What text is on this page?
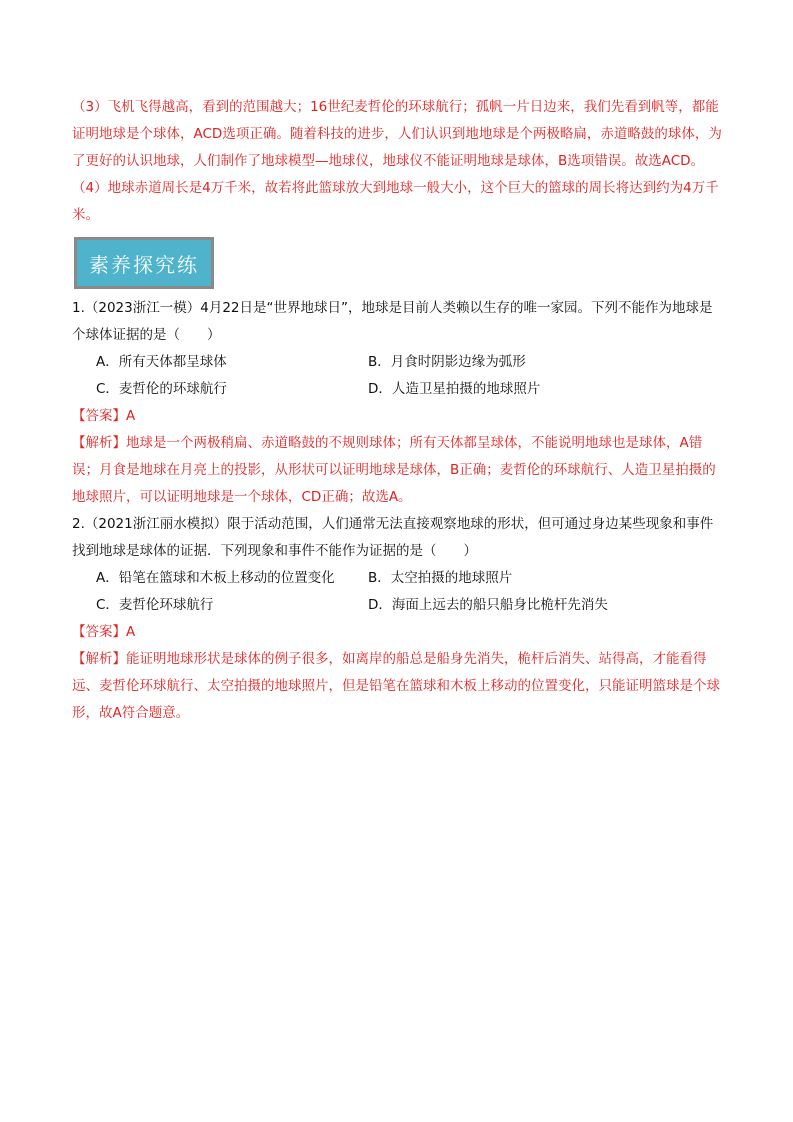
（3）飞机飞得越高，看到的范围越大；16世纪麦哲伦的环球航行；孤帆一片日边来，我们先看到帆等，都能证明地球是个球体，ACD选项正确。随着科技的进步，人们认识到地地球是个两极略扁，赤道略鼓的球体，为了更好的认识地球，人们制作了地球模型—地球仪，地球仪不能证明地球是球体，B选项错误。故选ACD。

（4）地球赤道周长是4万千米，故若将此篮球放大到地球一般大小，这个巨大的篮球的周长将达到约为4万千米。

素养探究练

1.（2023浙江一模）4月22日是“世界地球日”，地球是目前人类赖以生存的唯一家园。下列不能作为地球是个球体证据的是（　　）

A．所有天体都呈球体	B．月食时阴影边缘为弧形

C．麦哲伦的环球航行	D．人造卫星拍摄的地球照片

【答案】A

【解析】地球是一个两极稍扁、赤道略鼓的不规则球体；所有天体都呈球体，不能说明地球也是球体，A错误；月食是地球在月亮上的投影，从形状可以证明地球是球体，B正确；麦哲伦的环球航行、人造卫星拍摄的地球照片，可以证明地球是一个球体，CD正确；故选A。

2.（2021浙江丽水模拟）限于活动范围，人们通常无法直接观察地球的形状，但可通过身边某些现象和事件找到地球是球体的证据．下列现象和事件不能作为证据的是（　　）

A．铅笔在篮球和木板上移动的位置变化	B．太空拍摄的地球照片

C．麦哲伦环球航行	D．海面上远去的船只船身比桅杆先消失

【答案】A

【解析】能证明地球形状是球体的例子很多，如离岸的船总是船身先消失，桅杆后消失、站得高，才能看得远、麦哲伦环球航行、太空拍摄的地球照片，但是铅笔在篮球和木板上移动的位置变化，只能证明篮球是个球形，故A符合题意。
